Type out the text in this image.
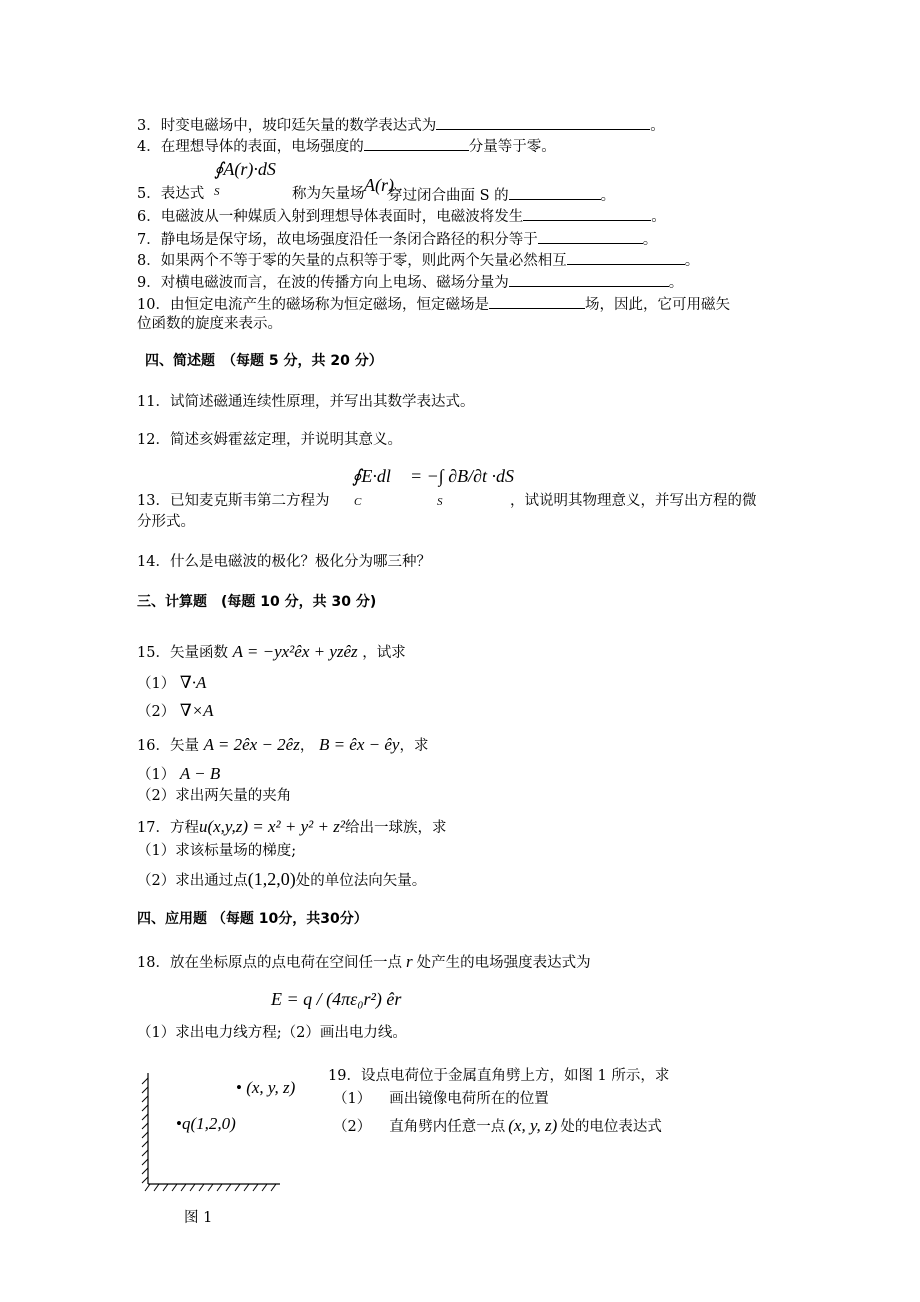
3．时变电磁场中，坡印廷矢量的数学表达式为	。
4．在理想导体的表面，电场强度的	分量等于零。
∮A(r)·dS
S	A(r)
5．表达式	称为矢量场 穿过闭合曲面 S 的	。
6．电磁波从一种媒质入射到理想导体表面时，电磁波将发生	。
7．静电场是保守场，故电场强度沿任一条闭合路径的积分等于	。
8．如果两个不等于零的矢量的点积等于零，则此两个矢量必然相互	。
9．对横电磁波而言，在波的传播方向上电场、磁场分量为	。
10．由恒定电流产生的磁场称为恒定磁场，恒定磁场是	场，因此，它可用磁矢
位函数的旋度来表示。
四、简述题　（每题 5 分，共 20 分）
11．试简述磁通连续性原理，并写出其数学表达式。
12．简述亥姆霍兹定理，并说明其意义。
∮E·dl = −∫ ∂B/∂t ·dS
C	S
13．已知麦克斯韦第二方程为	，试说明其物理意义，并写出方程的微
分形式。
14．什么是电磁波的极化？极化分为哪三种？
三、计算题　(每题 10 分，共 30 分)
15．矢量函数 A = −yx²êx + yzêz ，试求
（1） ∇·A
（2） ∇×A
16．矢量 A = 2êx − 2êz， B = êx − êy，求
（1） A − B
（2）求出两矢量的夹角
17．方程u(x,y,z) = x² + y² + z²给出一球族，求
（1）求该标量场的梯度;
（2）求出通过点(1,2,0)处的单位法向矢量。
四、应用题 （每题 10分，共30分）
18．放在坐标原点的点电荷在空间任一点 r 处产生的电场强度表达式为
E = q / (4πε₀r²) êr
（1）求出电力线方程;（2）画出电力线。
19．设点电荷位于金属直角劈上方，如图 1 所示，求
（1） 画出镜像电荷所在的位置
（2） 直角劈内任意一点 (x, y, z) 处的电位表达式
• (x, y, z)
•q(1,2,0)
图 1
